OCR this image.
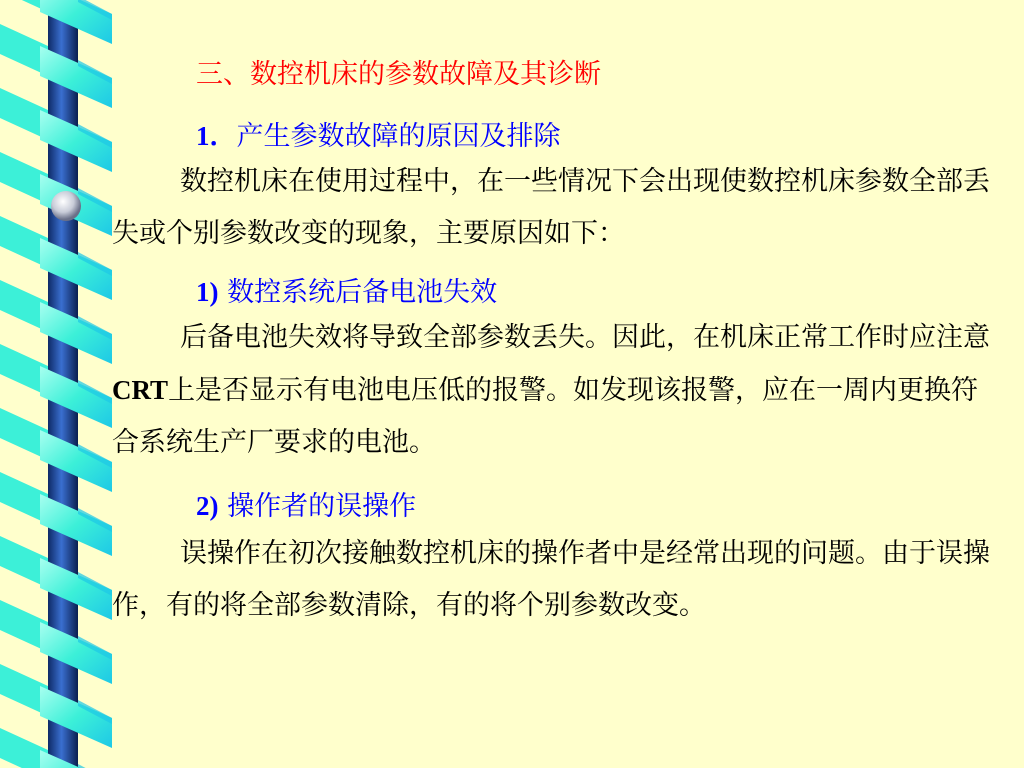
三、数控机床的参数故障及其诊断
1．产生参数故障的原因及排除
数控机床在使用过程中，在一些情况下会出现使数控机床参数全部丢失或个别参数改变的现象，主要原因如下：
1) 数控系统后备电池失效
后备电池失效将导致全部参数丢失。因此，在机床正常工作时应注意CRT上是否显示有电池电压低的报警。如发现该报警，应在一周内更换符合系统生产厂要求的电池。
2) 操作者的误操作
误操作在初次接触数控机床的操作者中是经常出现的问题。由于误操作，有的将全部参数清除，有的将个别参数改变。
